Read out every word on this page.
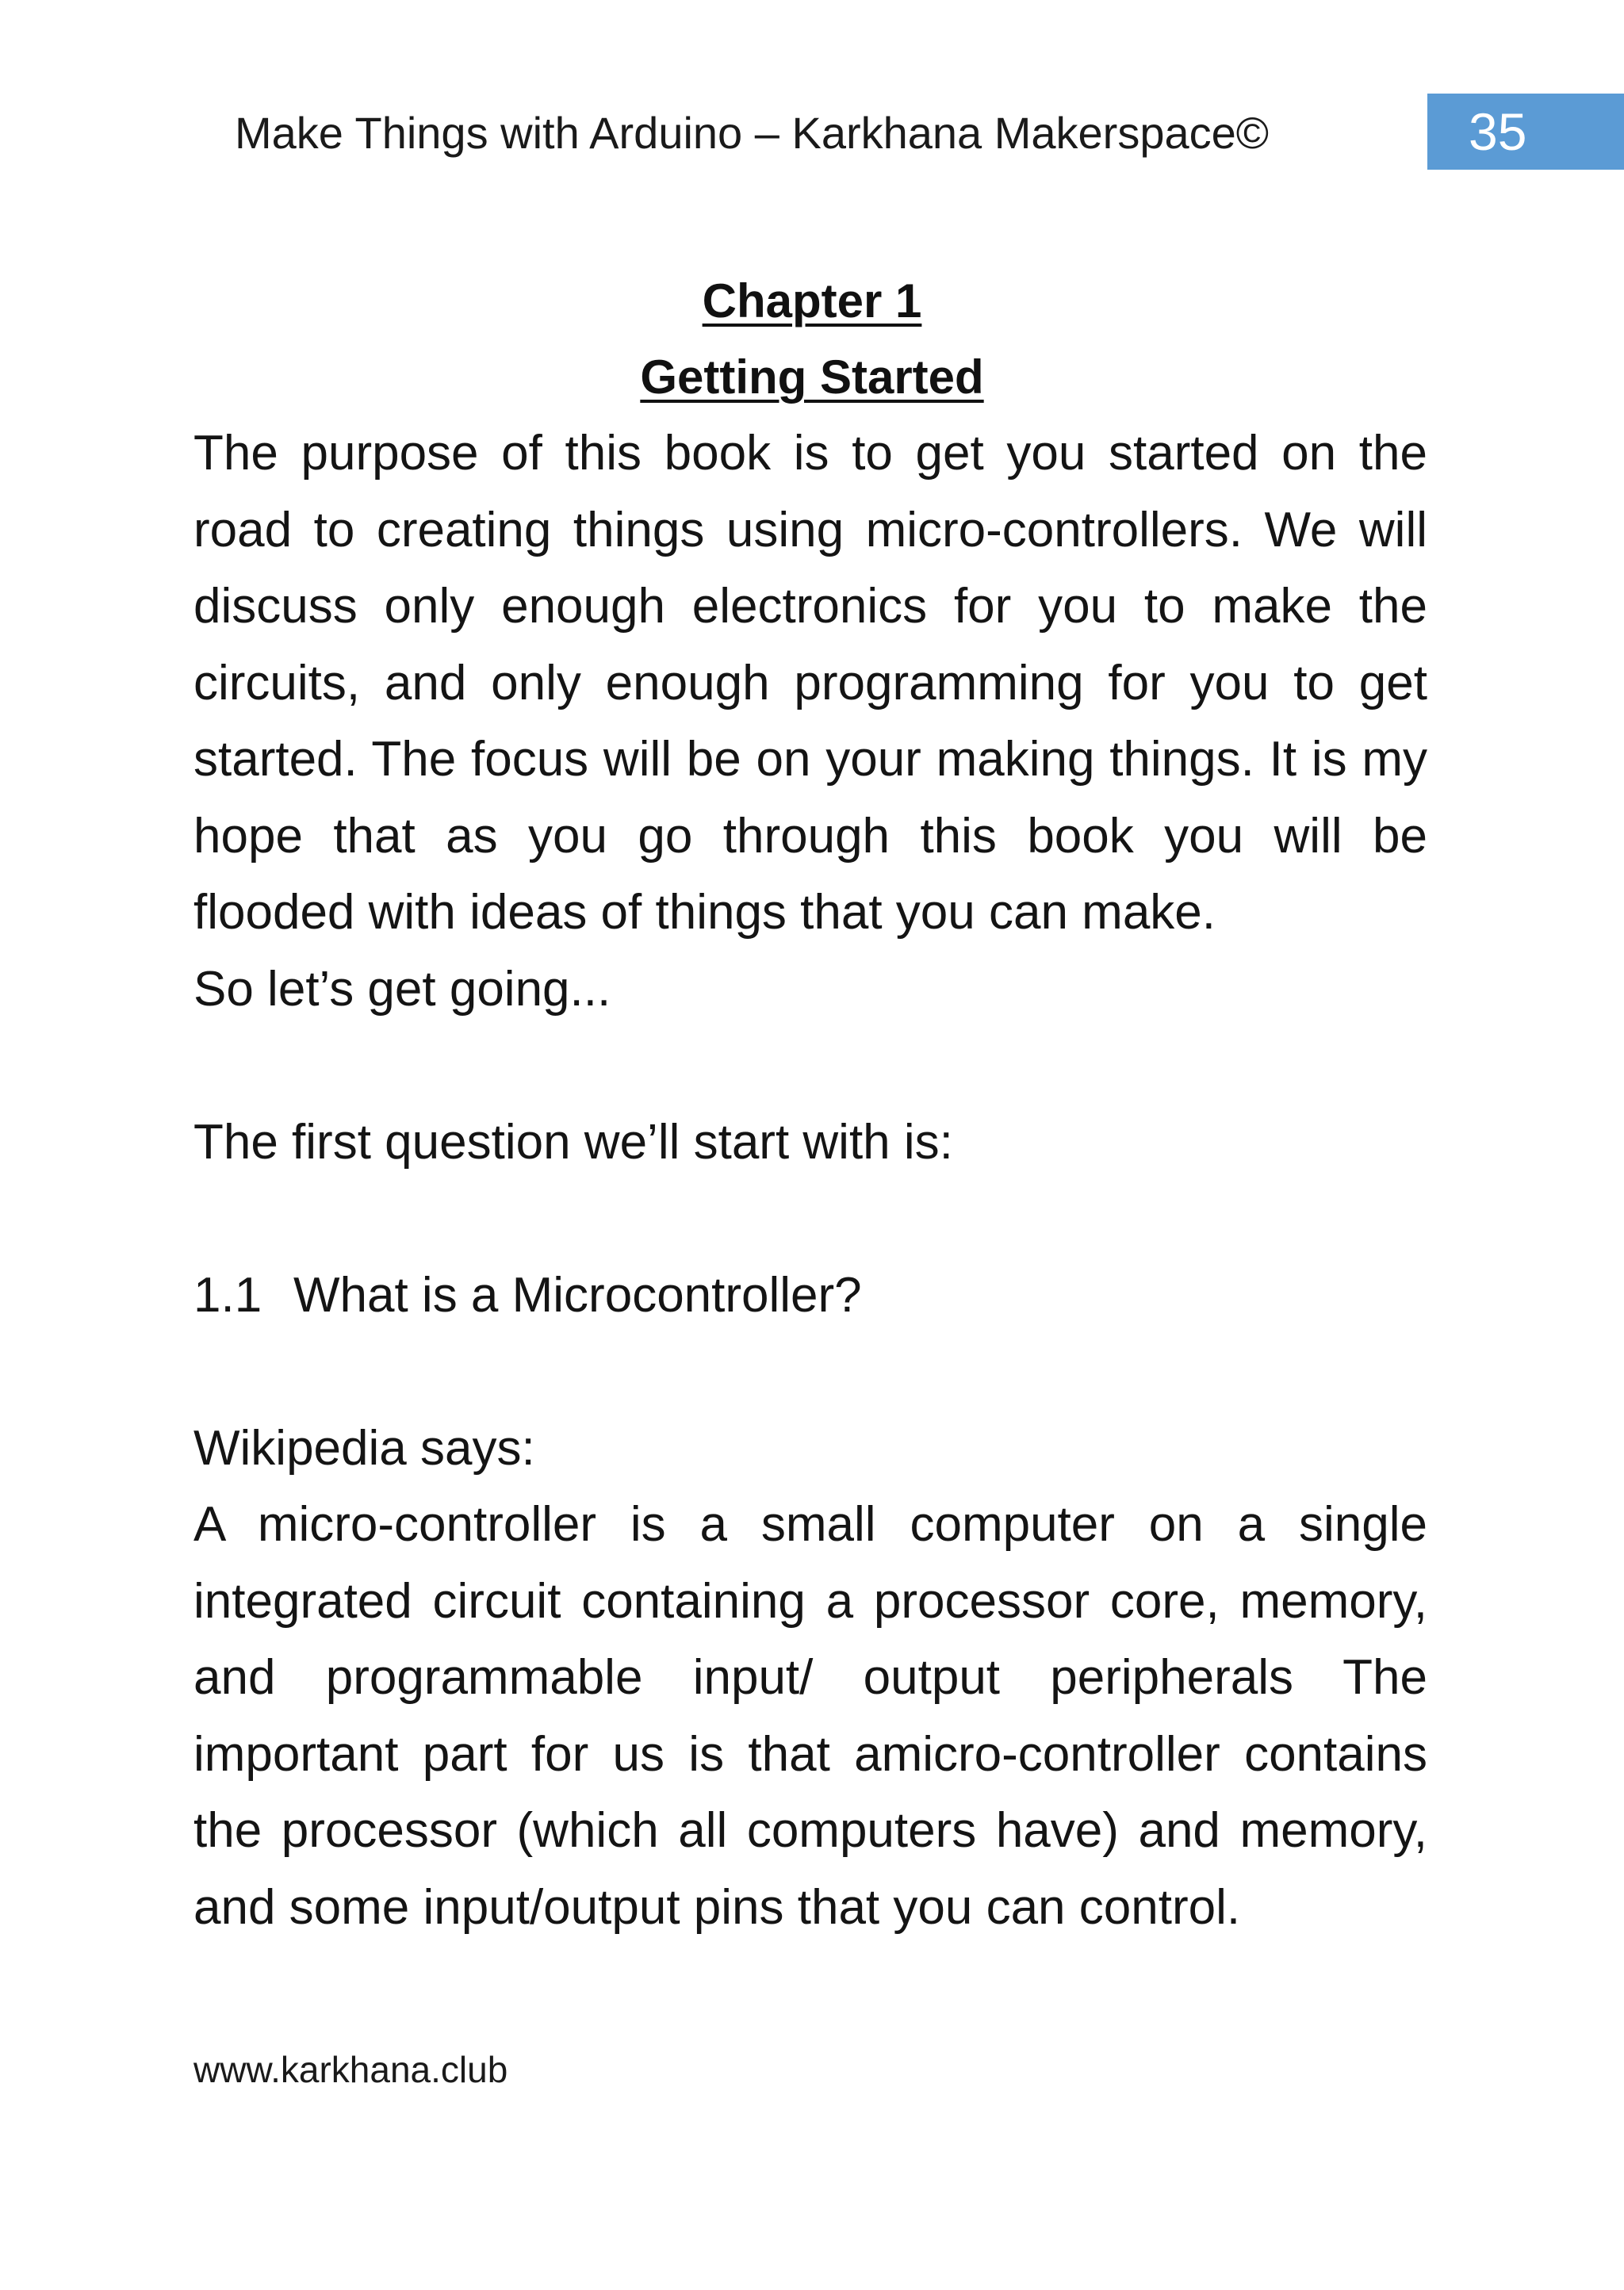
Make Things with Arduino – Karkhana Makerspace©	35
Chapter 1
Getting Started

The purpose of this book is to get you started on the road to creating things using micro-controllers. We will discuss only enough electronics for you to make the circuits, and only enough programming for you to get started. The focus will be on your making things. It is my hope that as you go through this book you will be flooded with ideas of things that you can make.

So let’s get going...

The first question we’ll start with is:

1.1 What is a Microcontroller?

Wikipedia says:

A micro-controller is a small computer on a single integrated circuit containing a processor core, memory, and programmable input/ output peripherals The important part for us is that amicro-controller contains the processor (which all computers have) and memory, and some input/output pins that you can control.

www.karkhana.club
